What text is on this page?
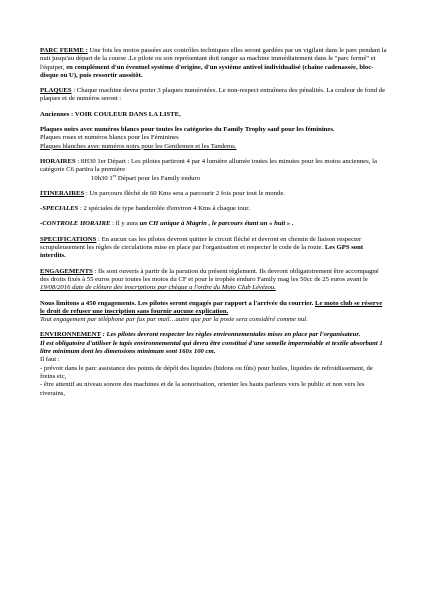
PARC FERME : Une fois les motos passées aux contrôles techniques elles seront gardées par un vigilant dans le parc pendant la nuit jusqu'au départ de la course .Le pilote ou son représentant doit ranger sa machine immédiatement dans le "parc fermé" et l'équiper, en complément d'un éventuel système d'origine, d'un système antivol individualisé (chaîne cadenassée, bloc-disque ou U), puis ressortir aussitôt.

PLAQUES : Chaque machine devra porter 3 plaques numérotées. Le non-respect entraînera des pénalités. La couleur de fond de plaques et de numéros seront :

Anciennes : VOIR COULEUR DANS LA LISTE,

Plaques noirs avec numéros blancs pour toutes les catégories du Family Trophy sauf pour les féminines.

Plaques roses et numéros blancs pour les Féminines

Plaques blanches avec numéros noirs pour les Gentlemen et les Tandems.

HORAIRES : 8H30 1er Départ : Les pilotes partiront 4 par 4 lumière allumée toutes les minutes pour les motos anciennes, la catégorie C6 partira la première

10h30 1er Départ pour les Family enduro

ITINERAIRES : Un parcours fléché de 60 Kms sera a parcourir 2 fois pour tout le monde.

-SPECIALES : 2 spéciales de type banderolée d'environ 4 Kms à chaque tour.

-CONTROLE HORAIRE : Il y aura un CH unique à Magrin , le parcours étant un « huit » .

SPECIFICATIONS : En aucun cas les pilotes devront quitter le circuit fléché et devront en chemin de liaison respecter scrupuleusement les règles de circulations mise en place par l'organisation et respecter le code de la route. Les GPS sont interdits.

ENGAGEMENTS : Ils sont ouverts à partir de la parution du présent règlement. Ils devront obligatoirement être accompagné des droits fixés à 55 euros pour toutes les motos du CF et pour le trophée enduro Family mag les 50cc de 25 euros avant le 19/08/2016 date de clôture des inscriptions par chèque a l'ordre du Moto Club Lévézou.

Nous limitons a 450 engagements. Les pilotes seront engagés par rapport a l'arrivée du courrier. Le moto club se réserve le droit de refuser une inscription sans fournir aucune explication.

Tout engagement par téléphone par fax par mail…autre que par la poste sera considéré comme nul.

ENVIRONNEMENT : Les pilotes devront respecter les règles environnementales mises en place par l'organisateur.

Il est obligatoire d'utiliser le tapis environnemental qui devra être constitué d'une semelle imperméable et textile absorbant 1 litre minimum dont les dimensions minimum sont 160x 100 cm.

Il faut :

- prévoir dans le parc assistance des points de dépôt des liquides (bidons ou fûts) pour huiles, liquides de refroidissement, de freins etc,

- être attentif au niveau sonore des machines et de la sonorisation, orienter les hauts parleurs vers le public et non vers les riverains,
